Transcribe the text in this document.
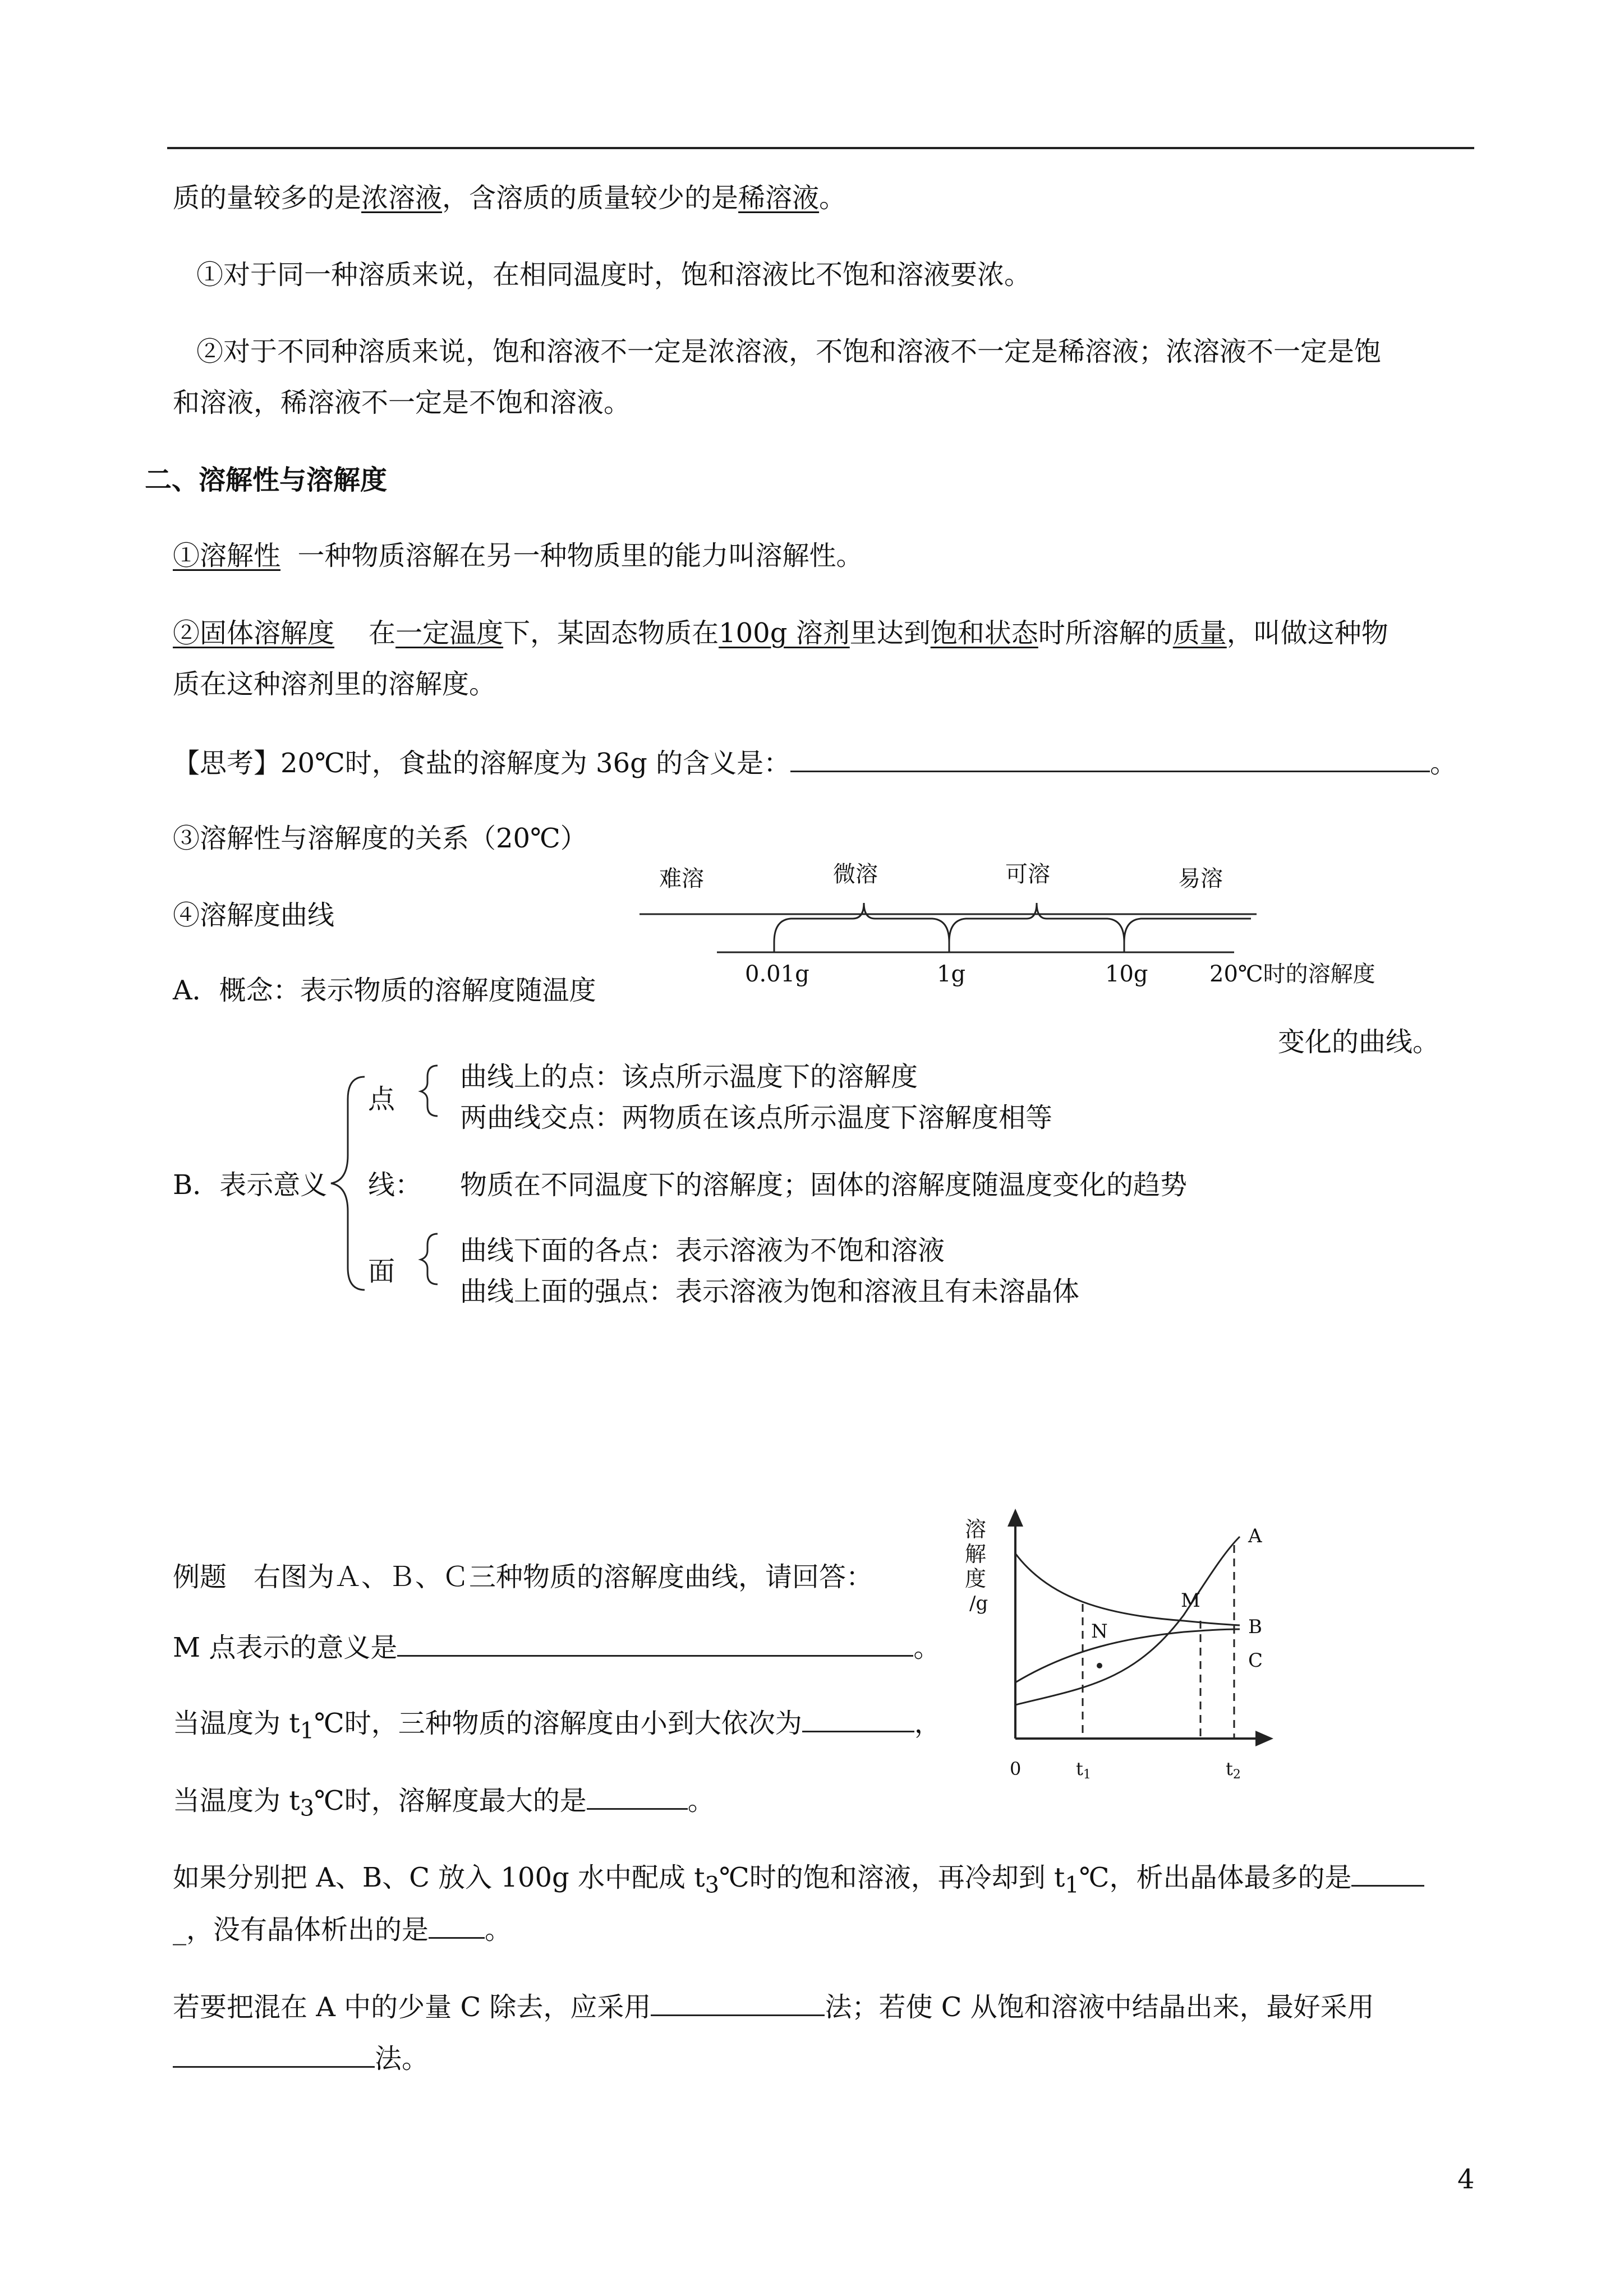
质的量较多的是浓溶液，含溶质的质量较少的是稀溶液。
①对于同一种溶质来说，在相同温度时，饱和溶液比不饱和溶液要浓。
②对于不同种溶质来说，饱和溶液不一定是浓溶液，不饱和溶液不一定是稀溶液；浓溶液不一定是饱
和溶液，稀溶液不一定是不饱和溶液。
二、溶解性与溶解度
①溶解性 一种物质溶解在另一种物质里的能力叫溶解性。
②固体溶解度 在一定温度下，某固态物质在100g 溶剂里达到饱和状态时所溶解的质量，叫做这种物
质在这种溶剂里的溶解度。
【思考】20℃时，食盐的溶解度为 36g 的含义是：	。
③溶解性与溶解度的关系（20℃）
④溶解度曲线
难溶	微溶	可溶	易溶
0.01g	1g	10g	20℃时的溶解度
A．概念：表示物质的溶解度随温度
变化的曲线。
B．表示意义
点
曲线上的点：该点所示温度下的溶解度
两曲线交点：两物质在该点所示温度下溶解度相等
线： 物质在不同温度下的溶解度；固体的溶解度随温度变化的趋势
面
曲线下面的各点：表示溶液为不饱和溶液
曲线上面的强点：表示溶液为饱和溶液且有未溶晶体
例题　右图为Ａ、Ｂ、Ｃ三种物质的溶解度曲线，请回答：
M 点表示的意义是	。
当温度为 $t_1℃$时，三种物质的溶解度由小到大依次为	，
当温度为 $t_3℃$时，溶解度最大的是	。
如果分别把 A、B、C 放入 100g 水中配成 $t_3℃$时的饱和溶液，再冷却到 $t_1℃$，析出晶体最多的是
_，没有晶体析出的是 。
若要把混在 A 中的少量 C 除去，应采用	法；若使 C 从饱和溶液中结晶出来，最好采用
法。
溶
解
度
/g
A
B
C
M
N
0	t1	t2
4
